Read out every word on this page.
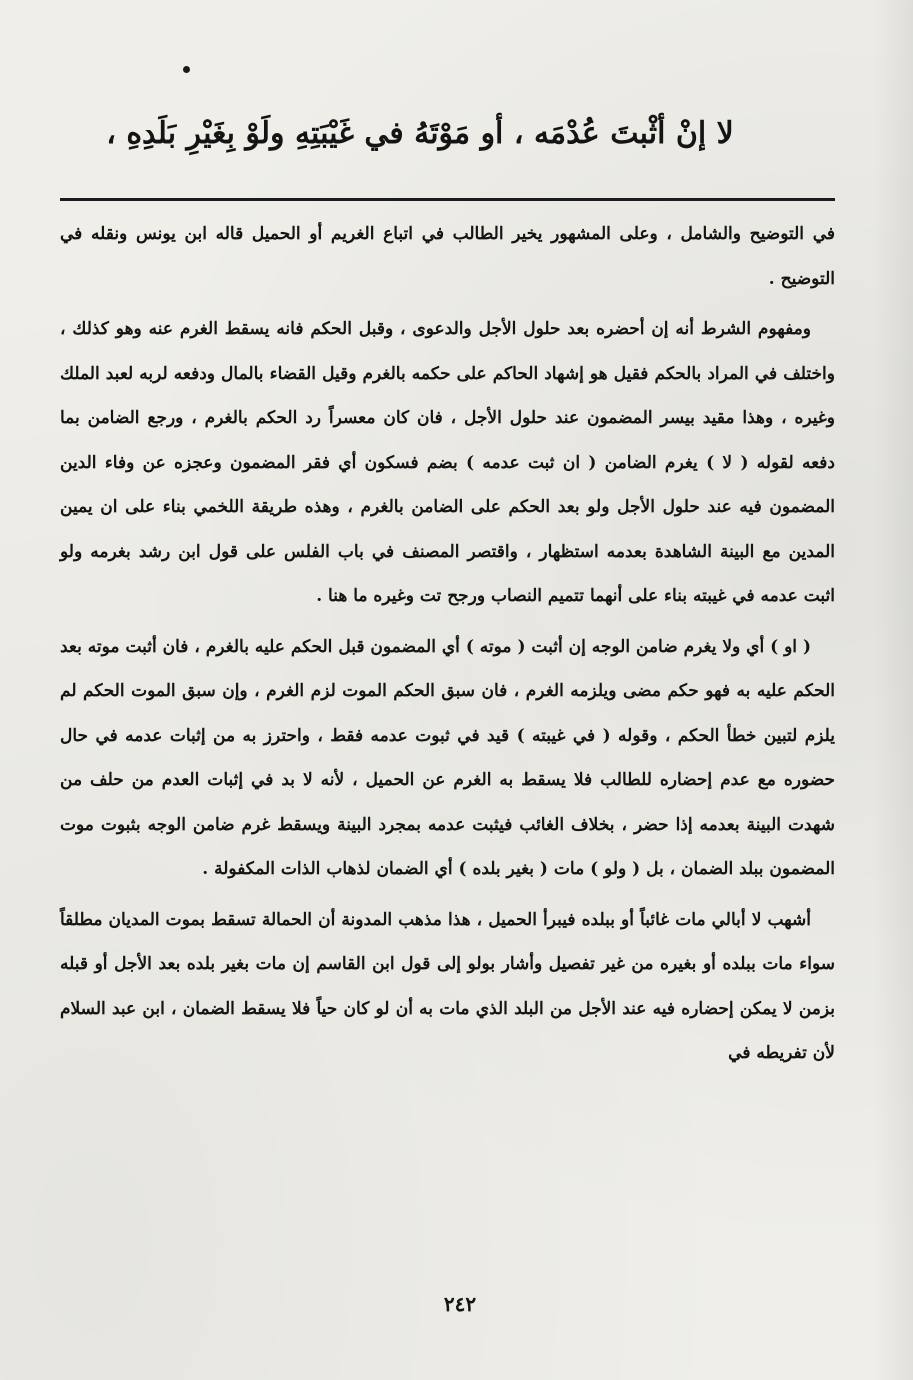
لا إنْ أثْبتَ عُدْمَه ، أو مَوْتَهُ في غَيْبَتِهِ ولَوْ بِغَيْرِ بَلَدِهِ ،

في التوضيح والشامل ، وعلى المشهور يخير الطالب في اتباع الغريم أو الحميل قاله ابن يونس ونقله في التوضيح .

ومفهوم الشرط أنه إن أحضره بعد حلول الأجل والدعوى ، وقبل الحكم فانه يسقط الغرم عنه وهو كذلك ، واختلف في المراد بالحكم فقيل هو إشهاد الحاكم على حكمه بالغرم وقيل القضاء بالمال ودفعه لربه لعبد الملك وغيره ، وهذا مقيد بيسر المضمون عند حلول الأجل ، فان كان معسراً رد الحكم بالغرم ، ورجع الضامن بما دفعه لقوله ( لا ) يغرم الضامن ( ان ثبت عدمه ) بضم فسكون أي فقر المضمون وعجزه عن وفاء الدين المضمون فيه عند حلول الأجل ولو بعد الحكم على الضامن بالغرم ، وهذه طريقة اللخمي بناء على ان يمين المدين مع البينة الشاهدة بعدمه استظهار ، واقتصر المصنف في باب الفلس على قول ابن رشد بغرمه ولو اثبت عدمه في غيبته بناء على أنهما تتميم النصاب ورجح تت وغيره ما هنا .

( او ) أي ولا يغرم ضامن الوجه إن أثبت ( موته ) أي المضمون قبل الحكم عليه بالغرم ، فان أثبت موته بعد الحكم عليه به فهو حكم مضى ويلزمه الغرم ، فان سبق الحكم الموت لزم الغرم ، وإن سبق الموت الحكم لم يلزم لتبين خطأ الحكم ، وقوله ( في غيبته ) قيد في ثبوت عدمه فقط ، واحترز به من إثبات عدمه في حال حضوره مع عدم إحضاره للطالب فلا يسقط به الغرم عن الحميل ، لأنه لا بد في إثبات العدم من حلف من شهدت البينة بعدمه إذا حضر ، بخلاف الغائب فيثبت عدمه بمجرد البينة ويسقط غرم ضامن الوجه بثبوت موت المضمون ببلد الضمان ، بل ( ولو ) مات ( بغير بلده ) أي الضمان لذهاب الذات المكفولة .

أشهب لا أبالي مات غائباً أو ببلده فيبرأ الحميل ، هذا مذهب المدونة أن الحمالة تسقط بموت المديان مطلقاً سواء مات ببلده أو بغيره من غير تفصيل وأشار بولو إلى قول ابن القاسم إن مات بغير بلده بعد الأجل أو قبله بزمن لا يمكن إحضاره فيه عند الأجل من البلد الذي مات به أن لو كان حياً فلا يسقط الضمان ، ابن عبد السلام لأن تفريطه في

٢٤٢
